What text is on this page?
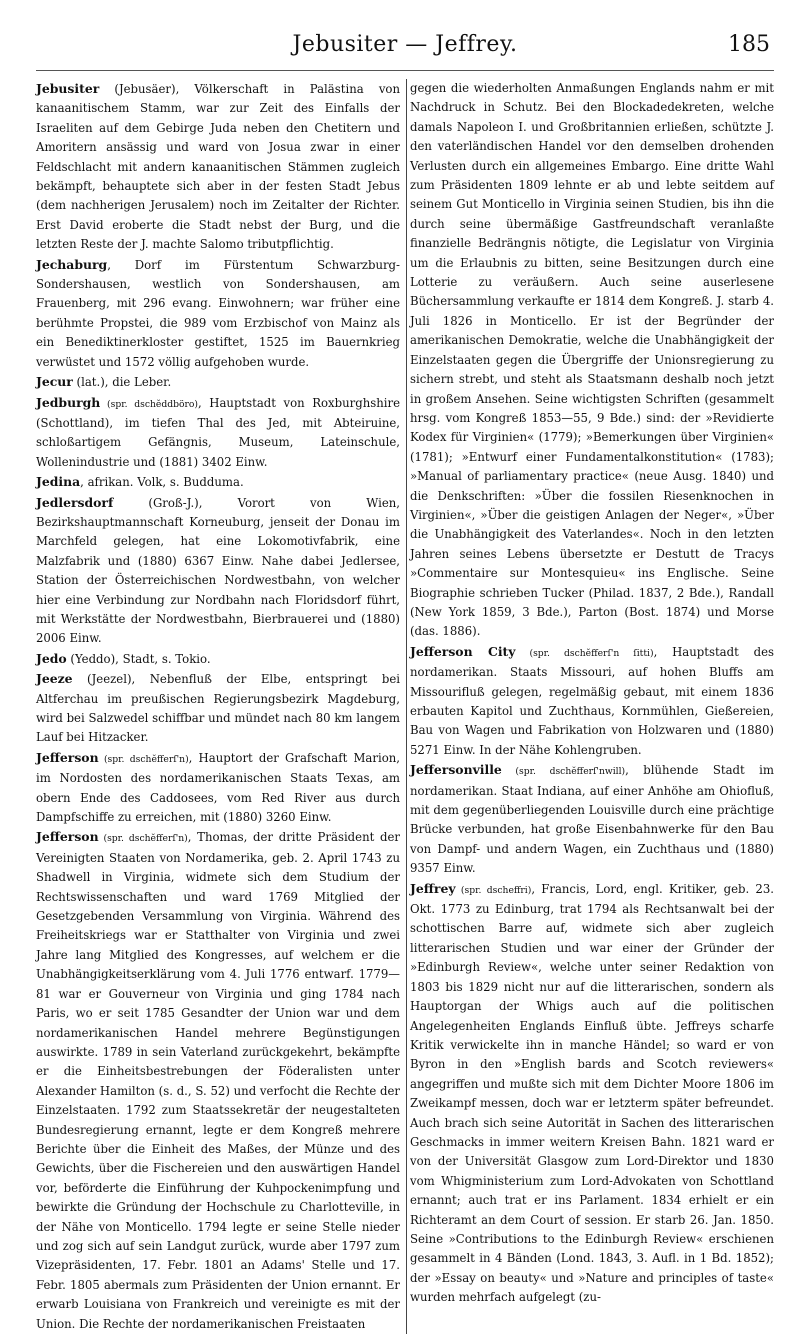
Jebusiter — Jeffrey.	185

Jebusiter (Jebusäer), Völkerschaft in Palästina von kanaanitischem Stamm, war zur Zeit des Einfalls der Israeliten auf dem Gebirge Juda neben den Chetitern und Amoritern ansässig und ward von Josua zwar in einer Feldschlacht mit andern kanaanitischen Stämmen zugleich bekämpft, behauptete sich aber in der festen Stadt Jebus (dem nachherigen Jerusalem) noch im Zeitalter der Richter. Erst David eroberte die Stadt nebst der Burg, und die letzten Reste der J. machte Salomo tributpflichtig.

Jechaburg, Dorf im Fürstentum Schwarzburg-Sondershausen, westlich von Sondershausen, am Frauenberg, mit 296 evang. Einwohnern; war früher eine berühmte Propstei, die 989 vom Erzbischof von Mainz als ein Benediktinerkloster gestiftet, 1525 im Bauernkrieg verwüstet und 1572 völlig aufgehoben wurde.

Jecur (lat.), die Leber.

Jedburgh (spr. dschĕddböro), Hauptstadt von Roxburghshire (Schottland), im tiefen Thal des Jed, mit Abteiruine, schloßartigem Gefängnis, Museum, Lateinschule, Wollenindustrie und (1881) 3402 Einw.

Jedina, afrikan. Volk, s. Budduma.

Jedlersdorf (Groß-J.), Vorort von Wien, Bezirkshauptmannschaft Korneuburg, jenseit der Donau im Marchfeld gelegen, hat eine Lokomotivfabrik, eine Malzfabrik und (1880) 6367 Einw. Nahe dabei Jedlersee, Station der Österreichischen Nordwestbahn, von welcher hier eine Verbindung zur Nordbahn nach Floridsdorf führt, mit Werkstätte der Nordwestbahn, Bierbrauerei und (1880) 2006 Einw.

Jedo (Yeddo), Stadt, s. Tokio.

Jeeze (Jeezel), Nebenfluß der Elbe, entspringt bei Altferchau im preußischen Regierungsbezirk Magdeburg, wird bei Salzwedel schiffbar und mündet nach 80 km langem Lauf bei Hitzacker.

Jefferson (spr. dschĕfferſ'n), Hauptort der Grafschaft Marion, im Nordosten des nordamerikanischen Staats Texas, am obern Ende des Caddosees, vom Red River aus durch Dampfschiffe zu erreichen, mit (1880) 3260 Einw.

Jefferson (spr. dschĕfferſ'n), Thomas, der dritte Präsident der Vereinigten Staaten von Nordamerika, geb. 2. April 1743 zu Shadwell in Virginia, widmete sich dem Studium der Rechtswissenschaften und ward 1769 Mitglied der Gesetzgebenden Versammlung von Virginia. Während des Freiheitskriegs war er Statthalter von Virginia und zwei Jahre lang Mitglied des Kongresses, auf welchem er die Unabhängigkeitserklärung vom 4. Juli 1776 entwarf. 1779—81 war er Gouverneur von Virginia und ging 1784 nach Paris, wo er seit 1785 Gesandter der Union war und dem nordamerikanischen Handel mehrere Begünstigungen auswirkte. 1789 in sein Vaterland zurückgekehrt, bekämpfte er die Einheitsbestrebungen der Föderalisten unter Alexander Hamilton (s. d., S. 52) und verfocht die Rechte der Einzelstaaten. 1792 zum Staatssekretär der neugestalteten Bundesregierung ernannt, legte er dem Kongreß mehrere Berichte über die Einheit des Maßes, der Münze und des Gewichts, über die Fischereien und den auswärtigen Handel vor, beförderte die Einführung der Kuhpockenimpfung und bewirkte die Gründung der Hochschule zu Charlotteville, in der Nähe von Monticello. 1794 legte er seine Stelle nieder und zog sich auf sein Landgut zurück, wurde aber 1797 zum Vizepräsidenten, 17. Febr. 1801 an Adams' Stelle und 17. Febr. 1805 abermals zum Präsidenten der Union ernannt. Er erwarb Louisiana von Frankreich und vereinigte es mit der Union. Die Rechte der nordamerikanischen Freistaaten

gegen die wiederholten Anmaßungen Englands nahm er mit Nachdruck in Schutz. Bei den Blockadedekreten, welche damals Napoleon I. und Großbritannien erließen, schützte J. den vaterländischen Handel vor den demselben drohenden Verlusten durch ein allgemeines Embargo. Eine dritte Wahl zum Präsidenten 1809 lehnte er ab und lebte seitdem auf seinem Gut Monticello in Virginia seinen Studien, bis ihn die durch seine übermäßige Gastfreundschaft veranlaßte finanzielle Bedrängnis nötigte, die Legislatur von Virginia um die Erlaubnis zu bitten, seine Besitzungen durch eine Lotterie zu veräußern. Auch seine auserlesene Büchersammlung verkaufte er 1814 dem Kongreß. J. starb 4. Juli 1826 in Monticello. Er ist der Begründer der amerikanischen Demokratie, welche die Unabhängigkeit der Einzelstaaten gegen die Übergriffe der Unionsregierung zu sichern strebt, und steht als Staatsmann deshalb noch jetzt in großem Ansehen. Seine wichtigsten Schriften (gesammelt hrsg. vom Kongreß 1853—55, 9 Bde.) sind: der »Revidierte Kodex für Virginien« (1779); »Bemerkungen über Virginien« (1781); »Entwurf einer Fundamentalkonstitution« (1783); »Manual of parliamentary practice« (neue Ausg. 1840) und die Denkschriften: »Über die fossilen Riesenknochen in Virginien«, »Über die geistigen Anlagen der Neger«, »Über die Unabhängigkeit des Vaterlandes«. Noch in den letzten Jahren seines Lebens übersetzte er Destutt de Tracys »Commentaire sur Montesquieu« ins Englische. Seine Biographie schrieben Tucker (Philad. 1837, 2 Bde.), Randall (New York 1859, 3 Bde.), Parton (Bost. 1874) und Morse (das. 1886).

Jefferson City (spr. dschĕfferſ'n ſitti), Hauptstadt des nordamerikan. Staats Missouri, auf hohen Bluffs am Missourifluß gelegen, regelmäßig gebaut, mit einem 1836 erbauten Kapitol und Zuchthaus, Kornmühlen, Gießereien, Bau von Wagen und Fabrikation von Holzwaren und (1880) 5271 Einw. In der Nähe Kohlengruben.

Jeffersonville (spr. dschĕfferſ'nwill), blühende Stadt im nordamerikan. Staat Indiana, auf einer Anhöhe am Ohiofluß, mit dem gegenüberliegenden Louisville durch eine prächtige Brücke verbunden, hat große Eisenbahnwerke für den Bau von Dampf- und andern Wagen, ein Zuchthaus und (1880) 9357 Einw.

Jeffrey (spr. dscheffri), Francis, Lord, engl. Kritiker, geb. 23. Okt. 1773 zu Edinburg, trat 1794 als Rechtsanwalt bei der schottischen Barre auf, widmete sich aber zugleich litterarischen Studien und war einer der Gründer der »Edinburgh Review«, welche unter seiner Redaktion von 1803 bis 1829 nicht nur auf die litterarischen, sondern als Hauptorgan der Whigs auch auf die politischen Angelegenheiten Englands Einfluß übte. Jeffreys scharfe Kritik verwickelte ihn in manche Händel; so ward er von Byron in den »English bards and Scotch reviewers« angegriffen und mußte sich mit dem Dichter Moore 1806 im Zweikampf messen, doch war er letzterm später befreundet. Auch brach sich seine Autorität in Sachen des litterarischen Geschmacks in immer weitern Kreisen Bahn. 1821 ward er von der Universität Glasgow zum Lord-Direktor und 1830 vom Whigministerium zum Lord-Advokaten von Schottland ernannt; auch trat er ins Parlament. 1834 erhielt er ein Richteramt an dem Court of session. Er starb 26. Jan. 1850. Seine »Contributions to the Edinburgh Review« erschienen gesammelt in 4 Bänden (Lond. 1843, 3. Aufl. in 1 Bd. 1852); der »Essay on beauty« und »Nature and principles of taste« wurden mehrfach aufgelegt (zu-
